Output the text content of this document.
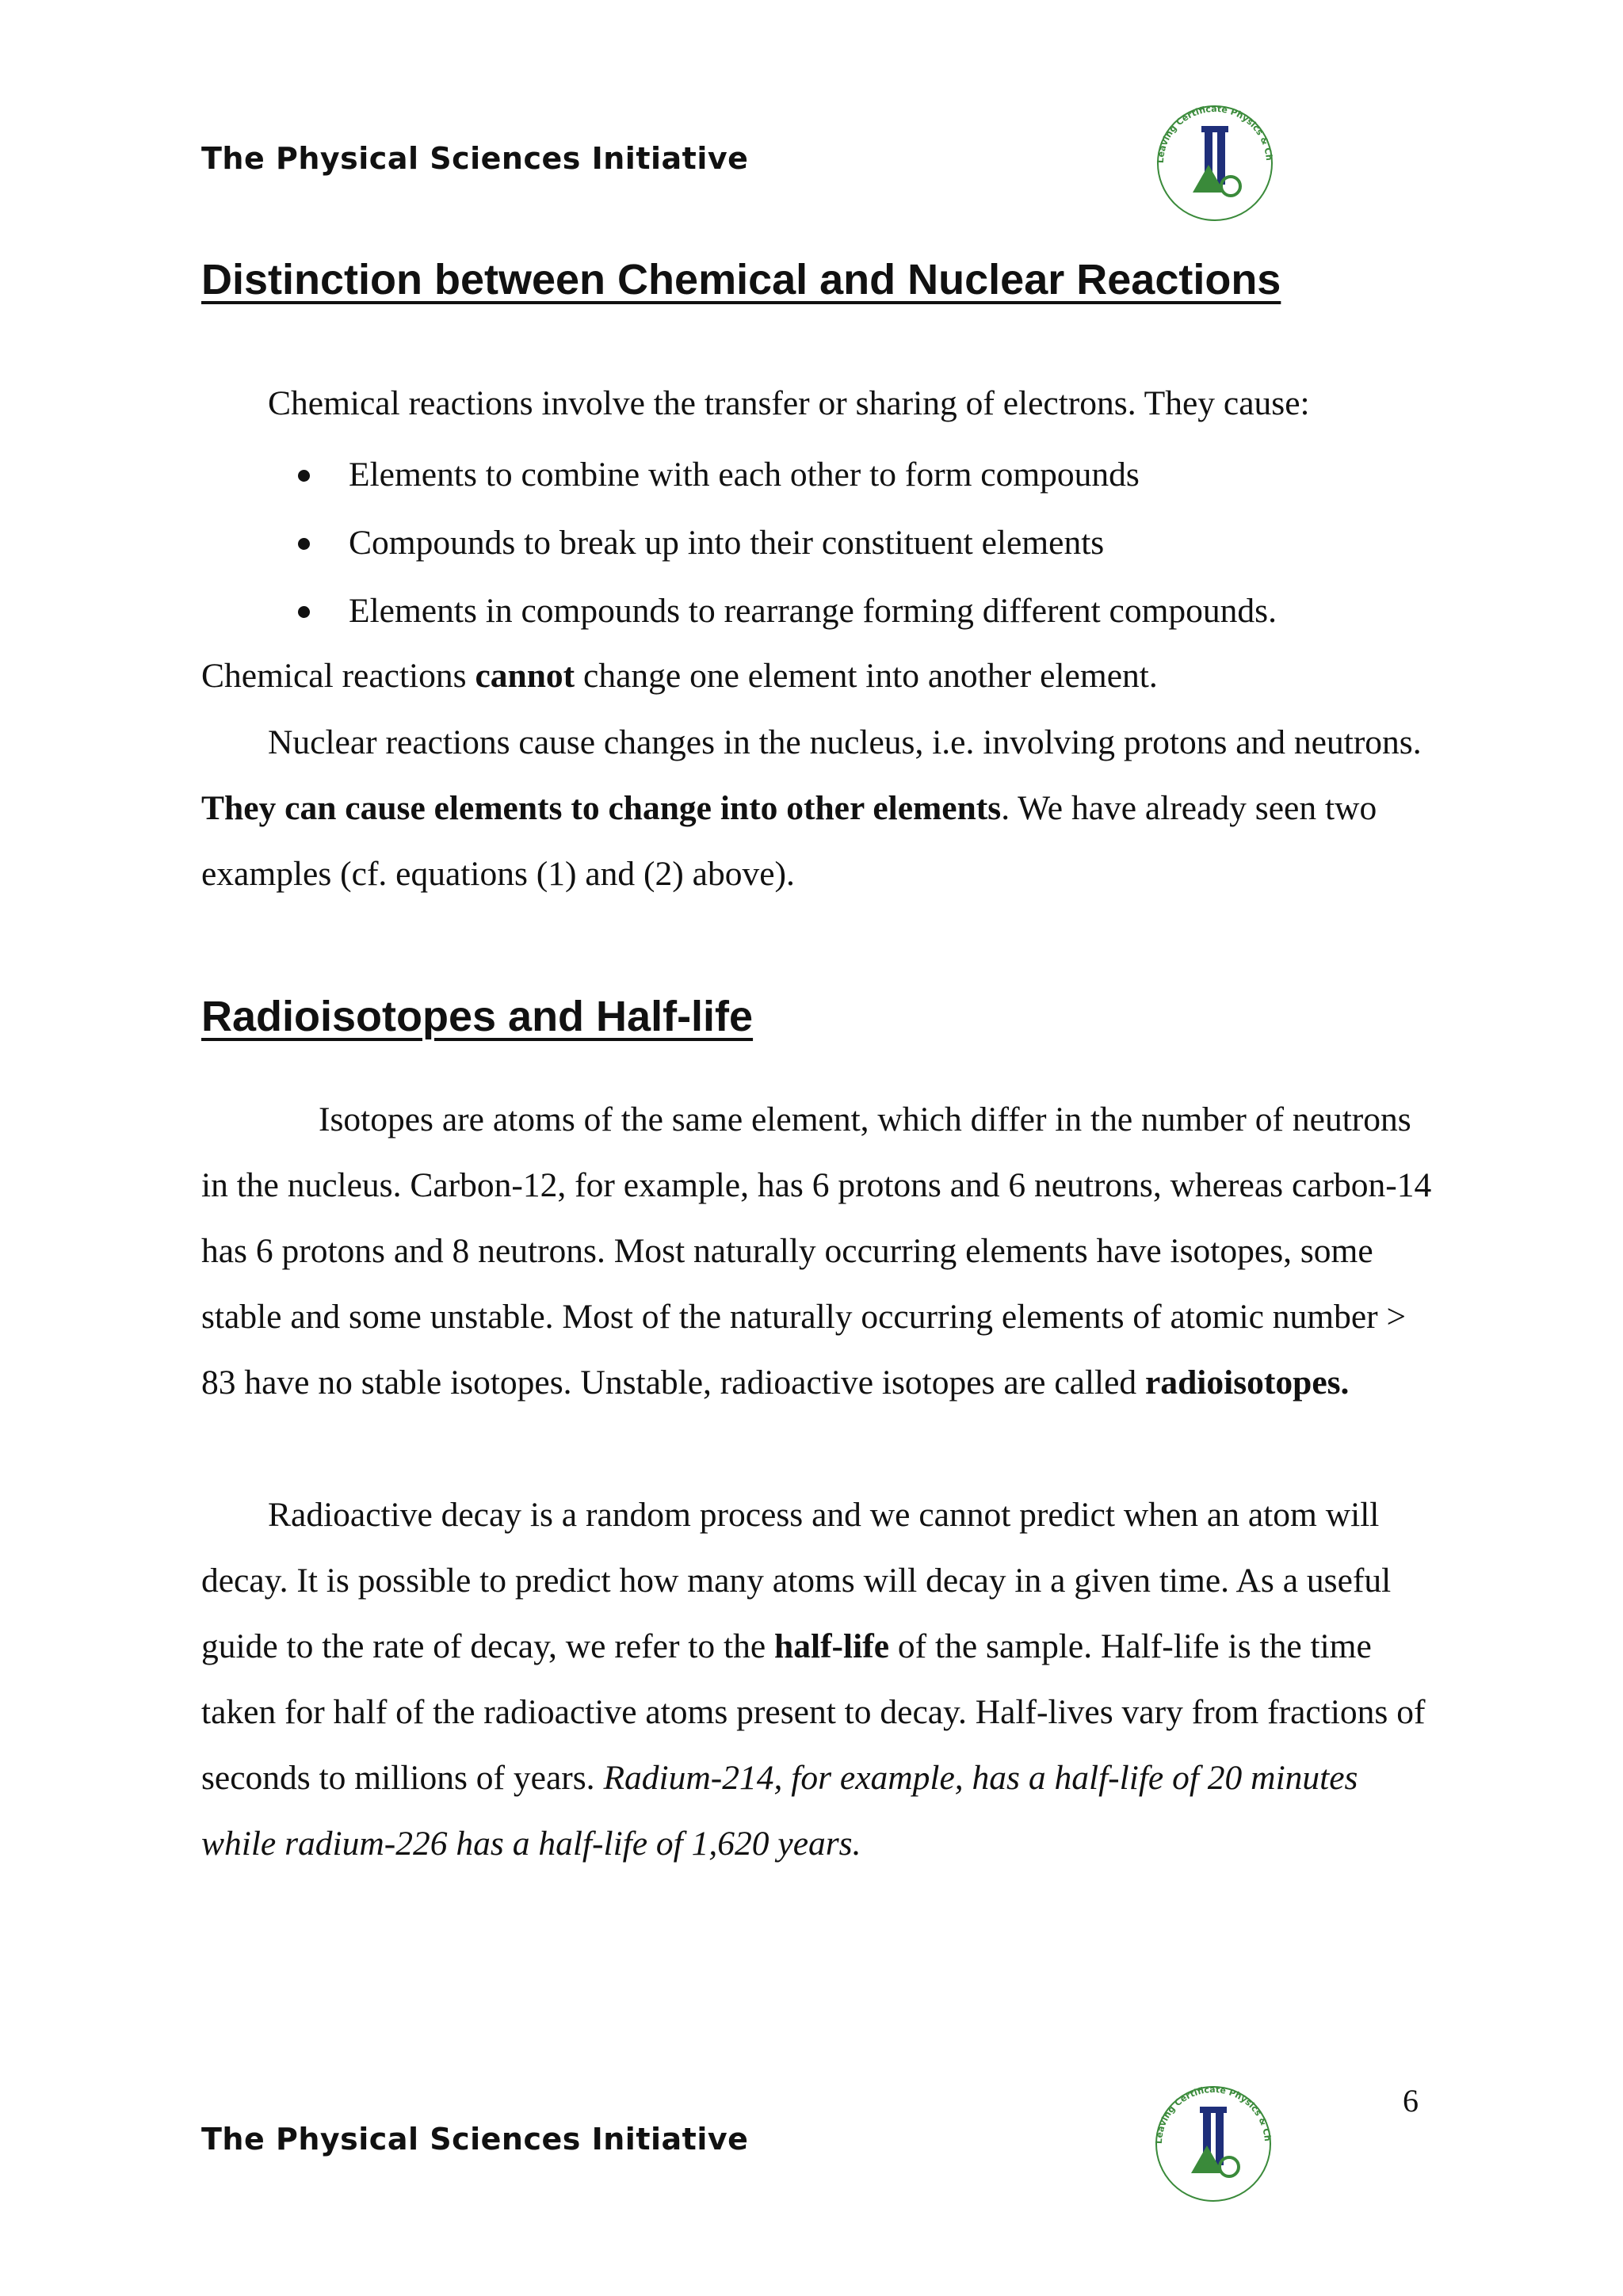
The Physical Sciences Initiative	Leaving Certificate Physics & Ch
Distinction between Chemical and Nuclear Reactions
Chemical reactions involve the transfer or sharing of electrons. They cause:
Elements to combine with each other to form compounds
Compounds to break up into their constituent elements
Elements in compounds to rearrange forming different compounds.

Chemical reactions cannot change one element into another element.

Nuclear reactions cause changes in the nucleus, i.e. involving protons and neutrons. They can cause elements to change into other elements. We have already seen two examples (cf. equations (1) and (2) above).

Radioisotopes and Half-life

Isotopes are atoms of the same element, which differ in the number of neutrons in the nucleus. Carbon-12, for example, has 6 protons and 6 neutrons, whereas carbon-14 has 6 protons and 8 neutrons. Most naturally occurring elements have isotopes, some stable and some unstable. Most of the naturally occurring elements of atomic number > 83 have no stable isotopes. Unstable, radioactive isotopes are called radioisotopes.

Radioactive decay is a random process and we cannot predict when an atom will decay. It is possible to predict how many atoms will decay in a given time. As a useful guide to the rate of decay, we refer to the half-life of the sample. Half-life is the time taken for half of the radioactive atoms present to decay. Half-lives vary from fractions of seconds to millions of years. Radium-214, for example, has a half-life of 20 minutes while radium-226 has a half-life of 1,620 years.

6
The Physical Sciences Initiative	Leaving Certificate Physics & Ch
